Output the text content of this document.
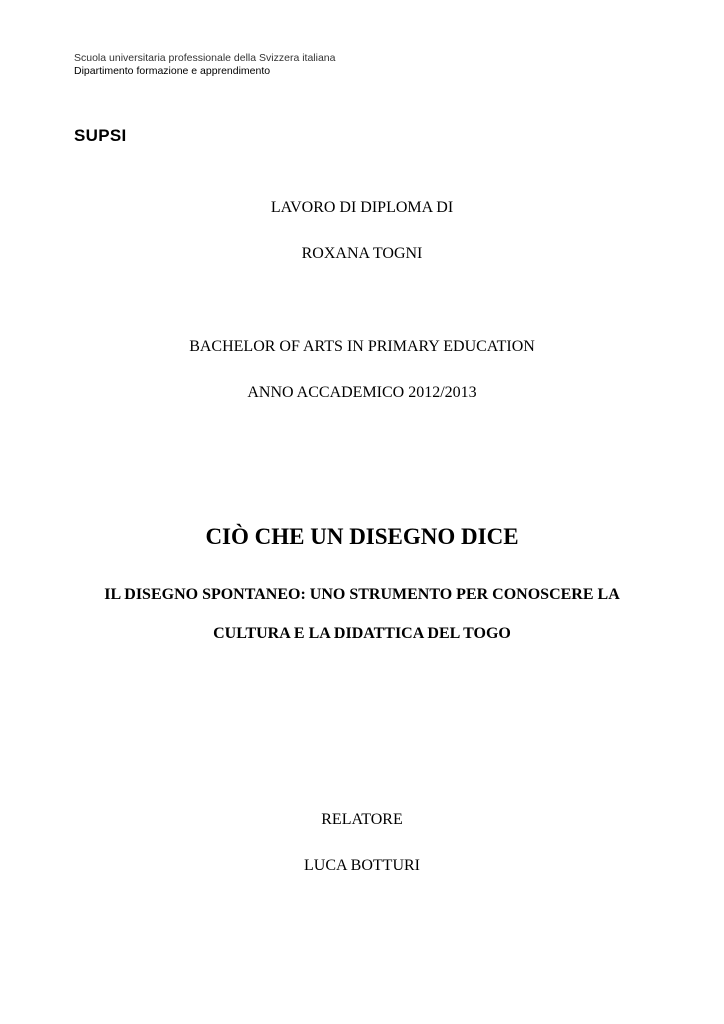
Scuola universitaria professionale della Svizzera italiana
Dipartimento formazione e apprendimento
SUPSI
LAVORO DI DIPLOMA DI
ROXANA TOGNI
BACHELOR OF ARTS IN PRIMARY EDUCATION
ANNO ACCADEMICO 2012/2013
CIÒ CHE UN DISEGNO DICE
IL DISEGNO SPONTANEO: UNO STRUMENTO PER CONOSCERE LA
CULTURA E LA DIDATTICA DEL TOGO
RELATORE
LUCA BOTTURI
